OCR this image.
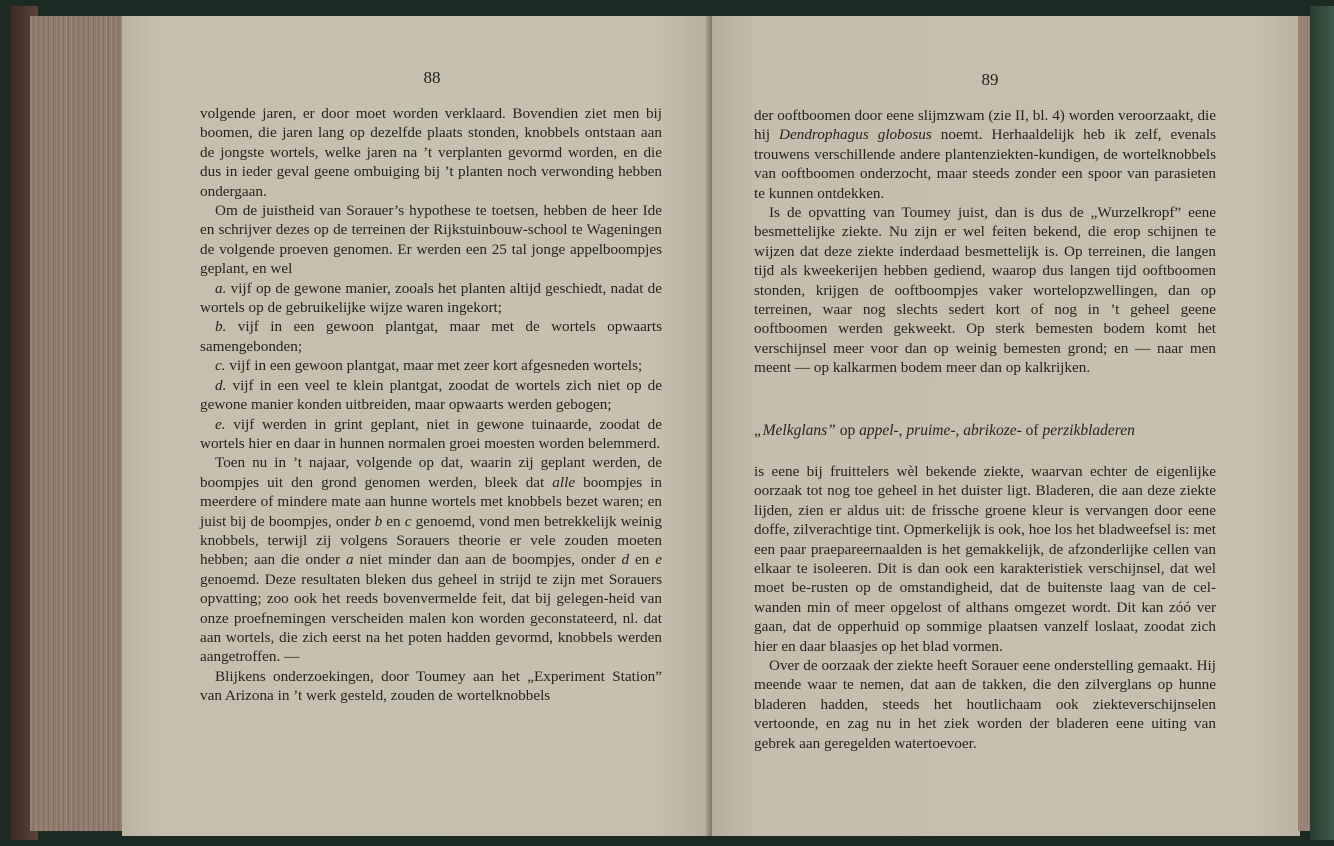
88

volgende jaren, er door moet worden verklaard. Bovendien ziet men bij boomen, die jaren lang op dezelfde plaats stonden, knobbels ontstaan aan de jongste wortels, welke jaren na ’t verplanten gevormd worden, en die dus in ieder geval geene ombuiging bij ’t planten noch verwonding hebben ondergaan.

Om de juistheid van Sorauer’s hypothese te toetsen, hebben de heer Ide en schrijver dezes op de terreinen der Rijkstuinbouw-school te Wageningen de volgende proeven genomen. Er werden een 25 tal jonge appelboompjes geplant, en wel

a. vijf op de gewone manier, zooals het planten altijd geschiedt, nadat de wortels op de gebruikelijke wijze waren ingekort;

b. vijf in een gewoon plantgat, maar met de wortels opwaarts samengebonden;

c. vijf in een gewoon plantgat, maar met zeer kort afgesneden wortels;

d. vijf in een veel te klein plantgat, zoodat de wortels zich niet op de gewone manier konden uitbreiden, maar opwaarts werden gebogen;

e. vijf werden in grint geplant, niet in gewone tuinaarde, zoodat de wortels hier en daar in hunnen normalen groei moesten worden belemmerd.

Toen nu in ’t najaar, volgende op dat, waarin zij geplant werden, de boompjes uit den grond genomen werden, bleek dat alle boompjes in meerdere of mindere mate aan hunne wortels met knobbels bezet waren; en juist bij de boompjes, onder b en c genoemd, vond men betrekkelijk weinig knobbels, terwijl zij volgens Sorauers theorie er vele zouden moeten hebben; aan die onder a niet minder dan aan de boompjes, onder d en e genoemd. Deze resultaten bleken dus geheel in strijd te zijn met Sorauers opvatting; zoo ook het reeds bovenvermelde feit, dat bij gelegen-heid van onze proefnemingen verscheiden malen kon worden geconstateerd, nl. dat aan wortels, die zich eerst na het poten hadden gevormd, knobbels werden aangetroffen. —

Blijkens onderzoekingen, door Toumey aan het „Experiment Station” van Arizona in ’t werk gesteld, zouden de wortelknobbels

89

der ooftboomen door eene slijmzwam (zie II, bl. 4) worden veroorzaakt, die hij Dendrophagus globosus noemt. Herhaaldelijk heb ik zelf, evenals trouwens verschillende andere plantenziekten-kundigen, de wortelknobbels van ooftboomen onderzocht, maar steeds zonder een spoor van parasieten te kunnen ontdekken.

Is de opvatting van Toumey juist, dan is dus de „Wurzelkropf” eene besmettelijke ziekte. Nu zijn er wel feiten bekend, die erop schijnen te wijzen dat deze ziekte inderdaad besmettelijk is. Op terreinen, die langen tijd als kweekerijen hebben gediend, waarop dus langen tijd ooftboomen stonden, krijgen de ooftboompjes vaker wortelopzwellingen, dan op terreinen, waar nog slechts sedert kort of nog in ’t geheel geene ooftboomen werden gekweekt. Op sterk bemesten bodem komt het verschijnsel meer voor dan op weinig bemesten grond; en — naar men meent — op kalkarmen bodem meer dan op kalkrijken.

„Melkglans” op appel-, pruime-, abrikoze- of perzikbladeren

is eene bij fruittelers wèl bekende ziekte, waarvan echter de eigenlijke oorzaak tot nog toe geheel in het duister ligt. Bladeren, die aan deze ziekte lijden, zien er aldus uit: de frissche groene kleur is vervangen door eene doffe, zilverachtige tint. Opmerkelijk is ook, hoe los het bladweefsel is: met een paar praepareernaalden is het gemakkelijk, de afzonderlijke cellen van elkaar te isoleeren. Dit is dan ook een karakteristiek verschijnsel, dat wel moet be-rusten op de omstandigheid, dat de buitenste laag van de cel-wanden min of meer opgelost of althans omgezet wordt. Dit kan zóó ver gaan, dat de opperhuid op sommige plaatsen vanzelf loslaat, zoodat zich hier en daar blaasjes op het blad vormen.

Over de oorzaak der ziekte heeft Sorauer eene onderstelling gemaakt. Hij meende waar te nemen, dat aan de takken, die den zilverglans op hunne bladeren hadden, steeds het houtlichaam ook ziekteverschijnselen vertoonde, en zag nu in het ziek worden der bladeren eene uiting van gebrek aan geregelden watertoevoer.
